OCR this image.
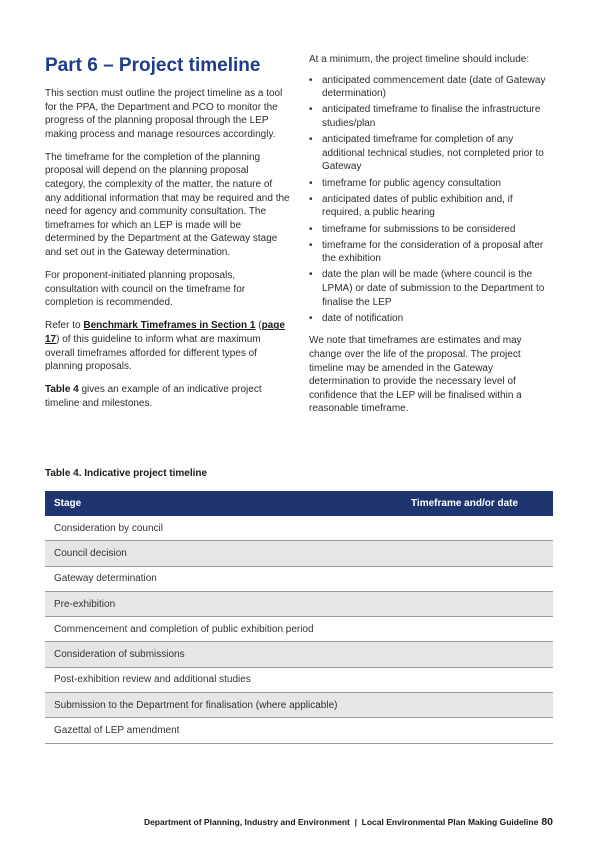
Part 6 – Project timeline

This section must outline the project timeline as a tool for the PPA, the Department and PCO to monitor the progress of the planning proposal through the LEP making process and manage resources accordingly.

The timeframe for the completion of the planning proposal will depend on the planning proposal category, the complexity of the matter, the nature of any additional information that may be required and the need for agency and community consultation. The timeframes for which an LEP is made will be determined by the Department at the Gateway stage and set out in the Gateway determination.

For proponent-initiated planning proposals, consultation with council on the timeframe for completion is recommended.

Refer to Benchmark Timeframes in Section 1 (page 17) of this guideline to inform what are maximum overall timeframes afforded for different types of planning proposals.

Table 4 gives an example of an indicative project timeline and milestones.

At a minimum, the project timeline should include:

• anticipated commencement date (date of Gateway determination)
• anticipated timeframe to finalise the infrastructure studies/plan
• anticipated timeframe for completion of any additional technical studies, not completed prior to Gateway
• timeframe for public agency consultation
• anticipated dates of public exhibition and, if required, a public hearing
• timeframe for submissions to be considered
• timeframe for the consideration of a proposal after the exhibition
• date the plan will be made (where council is the LPMA) or date of submission to the Department to finalise the LEP
• date of notification

We note that timeframes are estimates and may change over the life of the proposal. The project timeline may be amended in the Gateway determination to provide the necessary level of confidence that the LEP will be finalised within a reasonable timeframe.

Table 4. Indicative project timeline
Stage	Timeframe and/or date
Consideration by council
Council decision
Gateway determination
Pre-exhibition
Commencement and completion of public exhibition period
Consideration of submissions
Post-exhibition review and additional studies
Submission to the Department for finalisation (where applicable)
Gazettal of LEP amendment
Department of Planning, Industry and Environment  |  Local Environmental Plan Making Guideline 80
